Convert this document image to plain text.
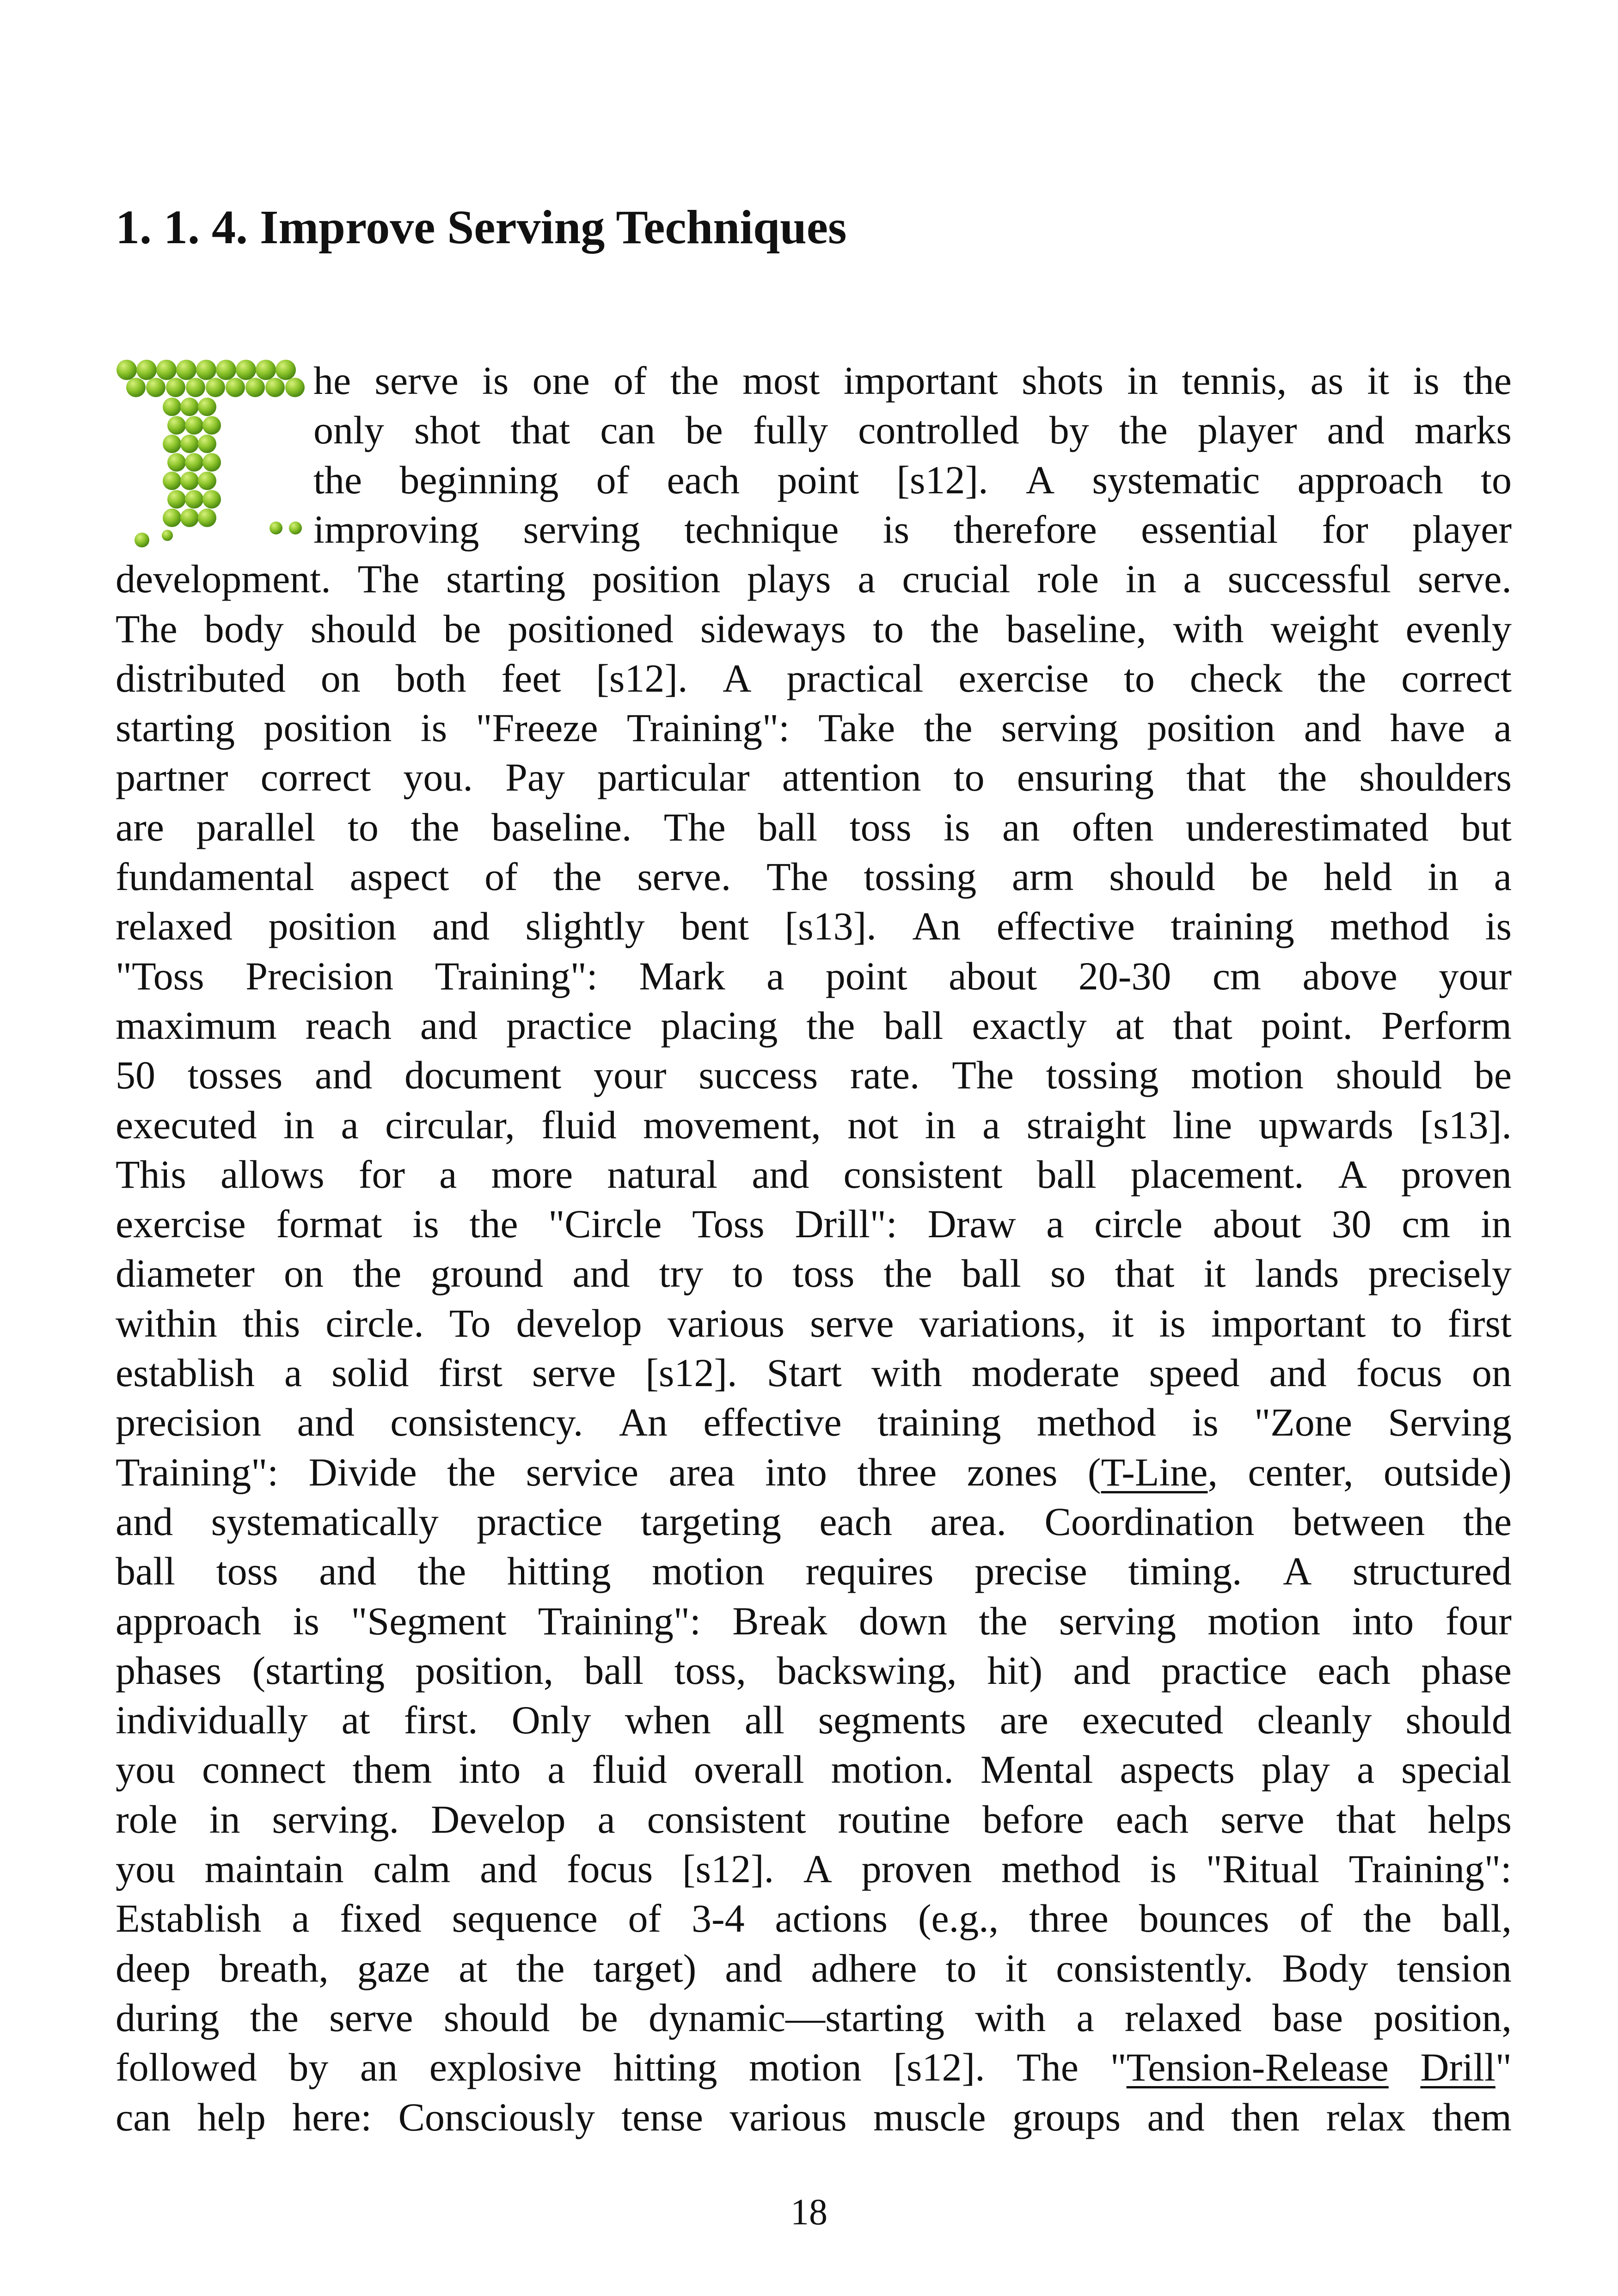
1. 1. 4. Improve Serving Techniques
he serve is one of the most important shots in tennis, as it is the
only shot that can be fully controlled by the player and marks
the beginning of each point [s12]. A systematic approach to
improving serving technique is therefore essential for player
development. The starting position plays a crucial role in a successful serve.
The body should be positioned sideways to the baseline, with weight evenly
distributed on both feet [s12]. A practical exercise to check the correct
starting position is "Freeze Training": Take the serving position and have a
partner correct you. Pay particular attention to ensuring that the shoulders
are parallel to the baseline. The ball toss is an often underestimated but
fundamental aspect of the serve. The tossing arm should be held in a
relaxed position and slightly bent [s13]. An effective training method is
"Toss Precision Training": Mark a point about 20-30 cm above your
maximum reach and practice placing the ball exactly at that point. Perform
50 tosses and document your success rate. The tossing motion should be
executed in a circular, fluid movement, not in a straight line upwards [s13].
This allows for a more natural and consistent ball placement. A proven
exercise format is the "Circle Toss Drill": Draw a circle about 30 cm in
diameter on the ground and try to toss the ball so that it lands precisely
within this circle. To develop various serve variations, it is important to first
establish a solid first serve [s12]. Start with moderate speed and focus on
precision and consistency. An effective training method is "Zone Serving
Training": Divide the service area into three zones (T-Line, center, outside)
and systematically practice targeting each area. Coordination between the
ball toss and the hitting motion requires precise timing. A structured
approach is "Segment Training": Break down the serving motion into four
phases (starting position, ball toss, backswing, hit) and practice each phase
individually at first. Only when all segments are executed cleanly should
you connect them into a fluid overall motion. Mental aspects play a special
role in serving. Develop a consistent routine before each serve that helps
you maintain calm and focus [s12]. A proven method is "Ritual Training":
Establish a fixed sequence of 3-4 actions (e.g., three bounces of the ball,
deep breath, gaze at the target) and adhere to it consistently. Body tension
during the serve should be dynamic—starting with a relaxed base position,
followed by an explosive hitting motion [s12]. The "Tension-Release Drill"
can help here: Consciously tense various muscle groups and then relax them
18
